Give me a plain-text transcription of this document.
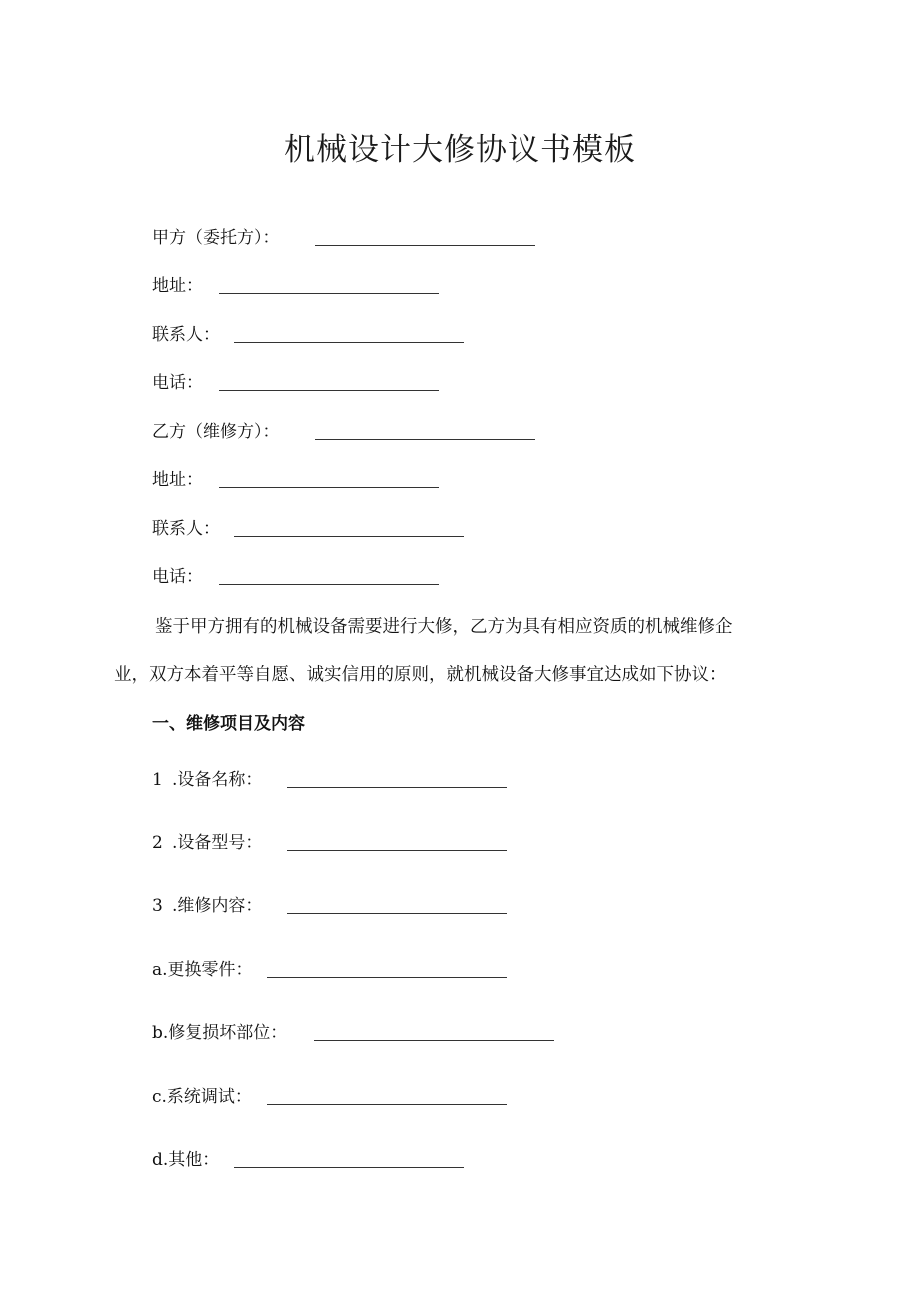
机械设计大修协议书模板
甲方（委托方）：
地址：
联系人：
电话：
乙方（维修方）：
地址：
联系人：
电话：
鉴于甲方拥有的机械设备需要进行大修，乙方为具有相应资质的机械维修企
业，双方本着平等自愿、诚实信用的原则，就机械设备大修事宜达成如下协议：
一、维修项目及内容
1 .设备名称：
2 .设备型号：
3 .维修内容：
a.更换零件：
b.修复损坏部位：
c.系统调试：
d.其他：
